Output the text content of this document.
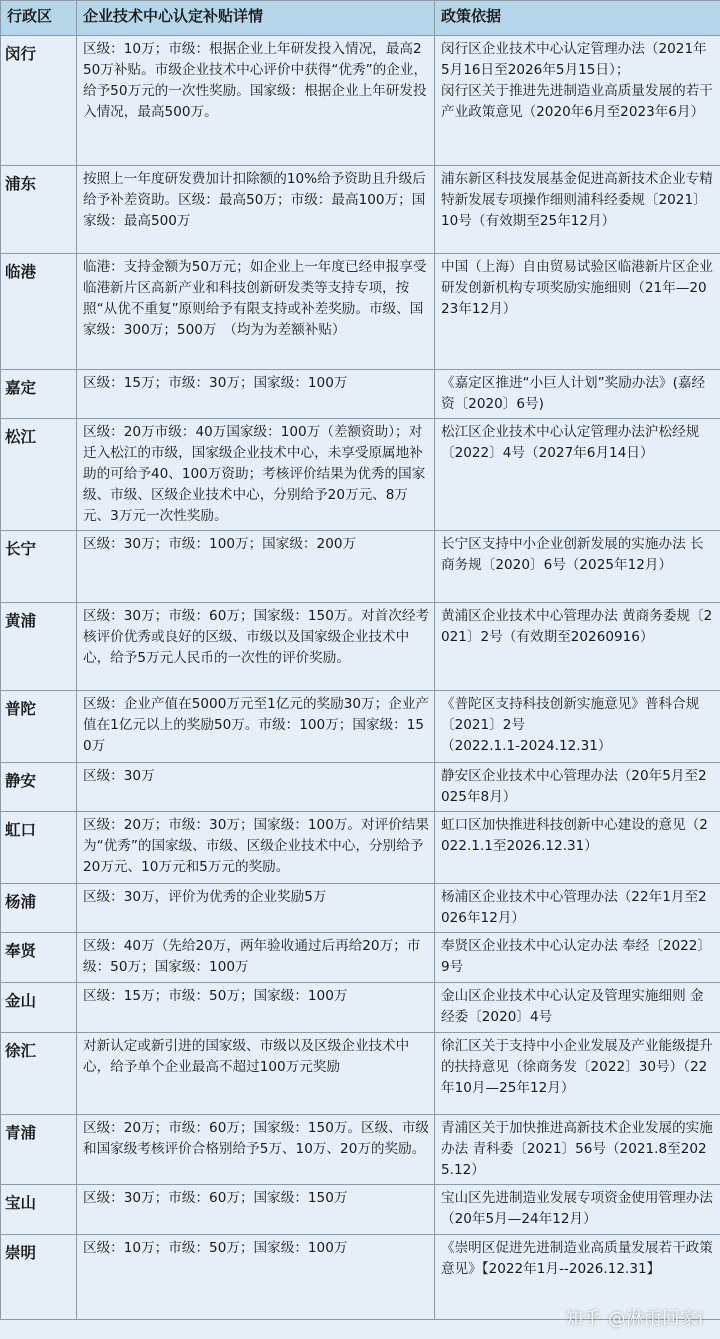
行政区	企业技术中心认定补贴详情	政策依据
闵行	区级：10万；市级：根据企业上年研发投入情况，最高250万补贴。市级企业技术中心评价中获得“优秀”的企业，给予50万元的一次性奖励。国家级：根据企业上年研发投入情况，最高500万。	闵行区企业技术中心认定管理办法（2021年5月16日至2026年5月15日）；
闵行区关于推进先进制造业高质量发展的若干产业政策意见（2020年6月至2023年6月）
浦东	按照上一年度研发费加计扣除额的10%给予资助且升级后给予补差资助。区级：最高50万；市级：最高100万；国家级：最高500万	浦东新区科技发展基金促进高新技术企业专精特新发展专项操作细则浦科经委规〔2021〕10号（有效期至25年12月）
临港	临港：支持金额为50万元；如企业上一年度已经申报享受临港新片区高新产业和科技创新研发类等支持专项，按照“从优不重复”原则给予有限支持或补差奖励。市级、国家级：300万；500万　（均为为差额补贴）	中国（上海）自由贸易试验区临港新片区企业研发创新机构专项奖励实施细则（21年—2023年12月）
嘉定	区级：15万；市级：30万；国家级：100万	《嘉定区推进“小巨人计划”奖励办法》(嘉经资〔2020〕6号)
松江	区级：20万市级：40万国家级：100万（差额资助）；对迁入松江的市级，国家级企业技术中心，未享受原属地补助的可给予40、100万资助；考核评价结果为优秀的国家级、市级、区级企业技术中心，分别给予20万元、8万元、3万元一次性奖励。	松江区企业技术中心认定管理办法沪松经规〔2022〕4号（2027年6月14日）
长宁	区级：30万；市级：100万；国家级：200万	长宁区支持中小企业创新发展的实施办法 长商务规〔2020〕6号（2025年12月）
黄浦	区级：30万；市级：60万；国家级：150万。对首次经考核评价优秀或良好的区级、市级以及国家级企业技术中心，给予5万元人民币的一次性的评价奖励。	黄浦区企业技术中心管理办法 黄商务委规〔2021〕2号（有效期至20260916）
普陀	区级：企业产值在5000万元至1亿元的奖励30万；企业产值在1亿元以上的奖励50万。市级：100万；国家级：150万	《普陀区支持科技创新实施意见》普科合规〔2021〕2号
（2022.1.1-2024.12.31）
静安	区级：30万	静安区企业技术中心管理办法（20年5月至2025年8月）
虹口	区级：20万；市级：30万；国家级：100万。对评价结果为“优秀”的国家级、市级、区级企业技术中心，分别给予20万元、10万元和5万元的奖励。	虹口区加快推进科技创新中心建设的意见（2022.1.1至2026.12.31）
杨浦	区级：30万，评价为优秀的企业奖励5万	杨浦区企业技术中心管理办法（22年1月至2026年12月）
奉贤	区级：40万（先给20万，两年验收通过后再给20万；市级：50万；国家级：100万	奉贤区企业技术中心认定办法 奉经〔2022〕9号
金山	区级：15万；市级：50万；国家级：100万	金山区企业技术中心认定及管理实施细则 金经委〔2020〕4号
徐汇	对新认定或新引进的国家级、市级以及区级企业技术中心，给予单个企业最高不超过100万元奖励	徐汇区关于支持中小企业发展及产业能级提升的扶持意见（徐商务发〔2022〕30号）（22年10月—25年12月）
青浦	区级：20万；市级：60万；国家级：150万。区级、市级和国家级考核评价合格别给予5万、10万、20万的奖励。	青浦区关于加快推进高新技术企业发展的实施办法 青科委〔2021〕56号（2021.8至2025.12）
宝山	区级：30万；市级：60万；国家级：150万	宝山区先进制造业发展专项资金使用管理办法（20年5月—24年12月）
崇明	区级：10万；市级：50万；国家级：100万	《崇明区促进先进制造业高质量发展若干政策意见》【2022年1月--2026.12.31】
知乎 @淋雨回家i
